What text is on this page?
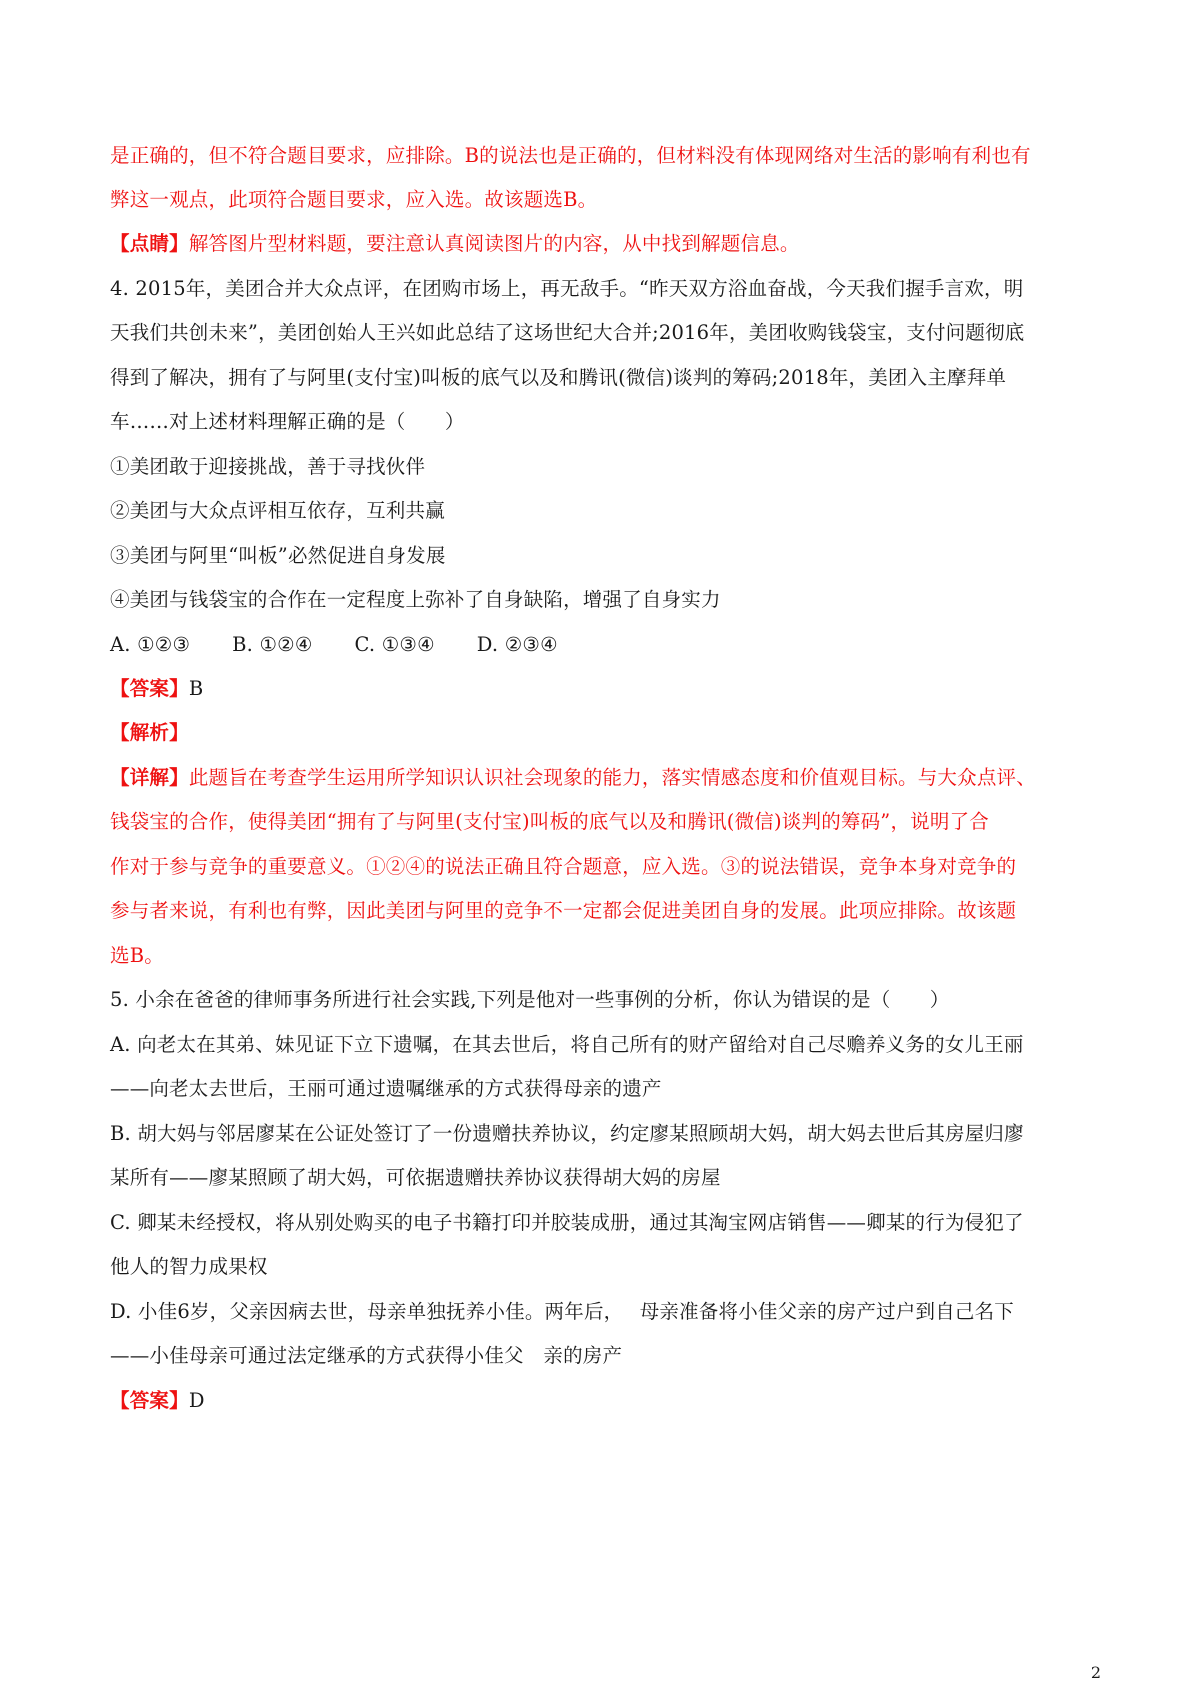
是正确的，但不符合题目要求，应排除。B的说法也是正确的，但材料没有体现网络对生活的影响有利也有
弊这一观点，此项符合题目要求，应入选。故该题选B。
【点睛】解答图片型材料题，要注意认真阅读图片的内容，从中找到解题信息。
4. 2015年，美团合并大众点评，在团购市场上，再无敌手。“昨天双方浴血奋战，今天我们握手言欢，明
天我们共创未来”，美团创始人王兴如此总结了这场世纪大合并;2016年，美团收购钱袋宝，支付问题彻底
得到了解决，拥有了与阿里(支付宝)叫板的底气以及和腾讯(微信)谈判的筹码;2018年，美团入主摩拜单
车……对上述材料理解正确的是（　　）
①美团敢于迎接挑战，善于寻找伙伴
②美团与大众点评相互依存，互利共赢
③美团与阿里“叫板”必然促进自身发展
④美团与钱袋宝的合作在一定程度上弥补了自身缺陷，增强了自身实力
A. ①②③ B. ①②④ C. ①③④ D. ②③④
【答案】B
【解析】
【详解】此题旨在考查学生运用所学知识认识社会现象的能力，落实情感态度和价值观目标。与大众点评、
钱袋宝的合作，使得美团“拥有了与阿里(支付宝)叫板的底气以及和腾讯(微信)谈判的筹码”，说明了合
作对于参与竞争的重要意义。①②④的说法正确且符合题意，应入选。③的说法错误，竞争本身对竞争的
参与者来说，有利也有弊，因此美团与阿里的竞争不一定都会促进美团自身的发展。此项应排除。故该题
选B。
5. 小余在爸爸的律师事务所进行社会实践,下列是他对一些事例的分析，你认为错误的是（　　）
A. 向老太在其弟、妹见证下立下遗嘱，在其去世后，将自己所有的财产留给对自己尽赡养义务的女儿王丽
——向老太去世后，王丽可通过遗嘱继承的方式获得母亲的遗产
B. 胡大妈与邻居廖某在公证处签订了一份遗赠扶养协议，约定廖某照顾胡大妈，胡大妈去世后其房屋归廖
某所有——廖某照顾了胡大妈，可依据遗赠扶养协议获得胡大妈的房屋
C. 卿某未经授权，将从别处购买的电子书籍打印并胶装成册，通过其淘宝网店销售——卿某的行为侵犯了
他人的智力成果权
D. 小佳6岁，父亲因病去世，母亲单独抚养小佳。两年后，　 母亲准备将小佳父亲的房产过户到自己名下
——小佳母亲可通过法定继承的方式获得小佳父　亲的房产
【答案】D
2
